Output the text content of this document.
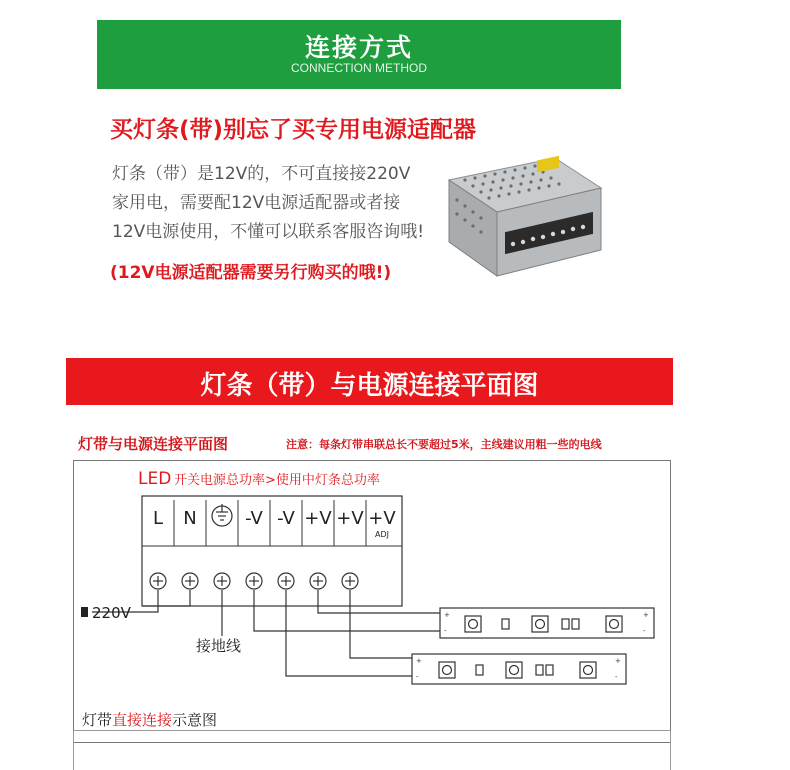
连接方式
CONNECTION METHOD
买灯条(带)别忘了买专用电源适配器
灯条（带）是12V的，不可直接接220V
家用电，需要配12V电源适配器或者接
12V电源使用，不懂可以联系客服咨询哦!
(12V电源适配器需要另行购买的哦!)
灯条（带）与电源连接平面图
灯带与电源连接平面图	注意：每条灯带串联总长不要超过5米，主线建议用粗一些的电线
LED 开关电源总功率>使用中灯条总功率
L N	-V -V +V +V +V
ADJ
220V
接地线
+
-
+
-
+
-
+
-
灯带直接连接示意图
